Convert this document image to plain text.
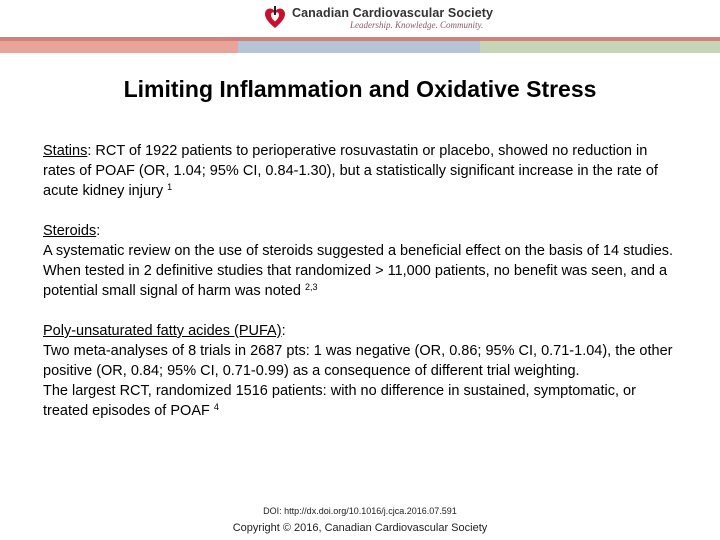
Canadian Cardiovascular Society
Leadership. Knowledge. Community.
Limiting Inflammation and Oxidative Stress

Statins: RCT of 1922 patients to perioperative rosuvastatin or placebo, showed no reduction in rates of POAF (OR, 1.04; 95% CI, 0.84-1.30), but a statistically significant increase in the rate of acute kidney injury $^1$

Steroids:
A systematic review on the use of steroids suggested a beneficial effect on the basis of 14 studies. When tested in 2 definitive studies that randomized > 11,000 patients, no benefit was seen, and a potential small signal of harm was noted $^{2,3}$

Poly-unsaturated fatty acides (PUFA):
Two meta-analyses of 8 trials in 2687 pts: 1 was negative (OR, 0.86; 95% CI, 0.71-1.04), the other positive (OR, 0.84; 95% CI, 0.71-0.99) as a consequence of different trial weighting.
The largest RCT, randomized 1516 patients: with no difference in sustained, symptomatic, or treated episodes of POAF $^4$

DOI: http://dx.doi.org/10.1016/j.cjca.2016.07.591
Copyright © 2016, Canadian Cardiovascular Society
